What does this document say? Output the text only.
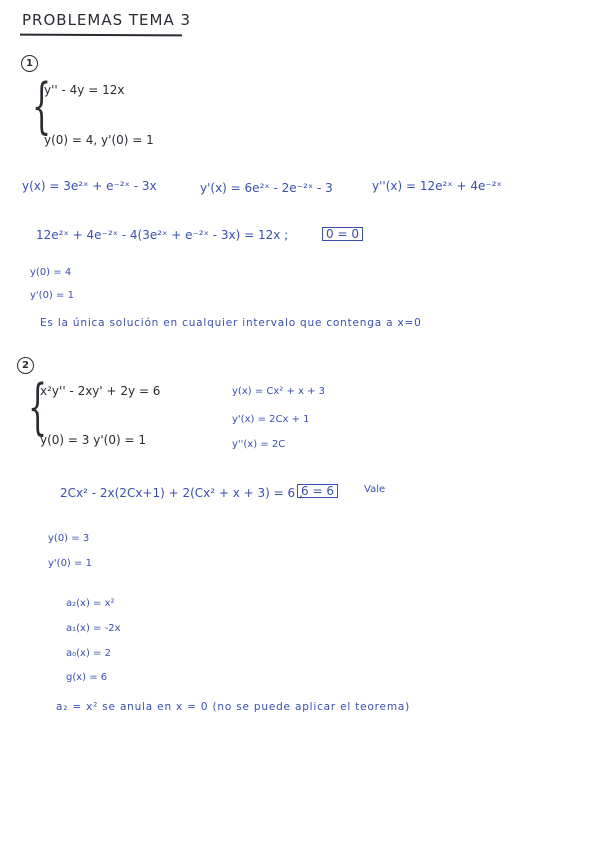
PROBLEMAS TEMA 3
1
{
y'' - 4y = 12x
y(0) = 4, y'(0) = 1
y(x) = 3e²ˣ + e⁻²ˣ - 3x	y'(x) = 6e²ˣ - 2e⁻²ˣ - 3	y''(x) = 12e²ˣ + 4e⁻²ˣ
12e²ˣ + 4e⁻²ˣ - 4(3e²ˣ + e⁻²ˣ - 3x) = 12x ;	0 = 0
y(0) = 4
y'(0) = 1
Es la única solución en cualquier intervalo que contenga a x=0
2
{
x²y'' - 2xy' + 2y = 6
y(0) = 3 y'(0) = 1
y(x) = Cx² + x + 3
y'(x) = 2Cx + 1
y''(x) = 2C
2Cx² - 2x(2Cx+1) + 2(Cx² + x + 3) = 6 ,
6 = 6	Vale
y(0) = 3
y'(0) = 1
a₂(x) = x²
a₁(x) = -2x
a₀(x) = 2
g(x) = 6
a₂ = x² se anula en x = 0 (no se puede aplicar el teorema)
